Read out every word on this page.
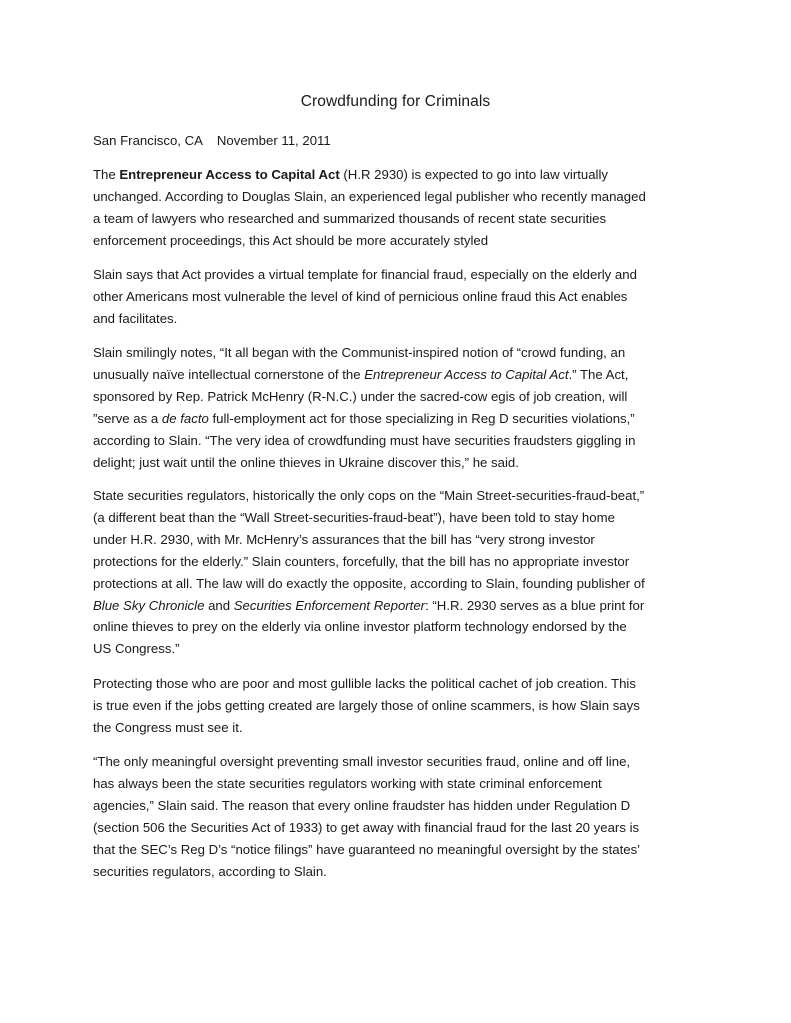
Crowdfunding for Criminals
San Francisco, CA November 11, 2011

The Entrepreneur Access to Capital Act (H.R 2930) is expected to go into law virtually
unchanged. According to Douglas Slain, an experienced legal publisher who recently managed
a team of lawyers who researched and summarized thousands of recent state securities
enforcement proceedings, this Act should be more accurately styled

Slain says that Act provides a virtual template for financial fraud, especially on the elderly and
other Americans most vulnerable the level of kind of pernicious online fraud this Act enables
and facilitates.

Slain smilingly notes, “It all began with the Communist-inspired notion of “crowd funding, an
unusually naïve intellectual cornerstone of the Entrepreneur Access to Capital Act.” The Act,
sponsored by Rep. Patrick McHenry (R-N.C.) under the sacred-cow egis of job creation, will
”serve as a de facto full-employment act for those specializing in Reg D securities violations,”
according to Slain. “The very idea of crowdfunding must have securities fraudsters giggling in
delight; just wait until the online thieves in Ukraine discover this,” he said.

State securities regulators, historically the only cops on the “Main Street-securities-fraud-beat,”
(a different beat than the “Wall Street-securities-fraud-beat”), have been told to stay home
under H.R. 2930, with Mr. McHenry’s assurances that the bill has “very strong investor
protections for the elderly.” Slain counters, forcefully, that the bill has no appropriate investor
protections at all. The law will do exactly the opposite, according to Slain, founding publisher of
Blue Sky Chronicle and Securities Enforcement Reporter: “H.R. 2930 serves as a blue print for
online thieves to prey on the elderly via online investor platform technology endorsed by the
US Congress.”

Protecting those who are poor and most gullible lacks the political cachet of job creation. This
is true even if the jobs getting created are largely those of online scammers, is how Slain says
the Congress must see it.

“The only meaningful oversight preventing small investor securities fraud, online and off line,
has always been the state securities regulators working with state criminal enforcement
agencies,” Slain said. The reason that every online fraudster has hidden under Regulation D
(section 506 the Securities Act of 1933) to get away with financial fraud for the last 20 years is
that the SEC’s Reg D’s “notice filings” have guaranteed no meaningful oversight by the states’
securities regulators, according to Slain.
